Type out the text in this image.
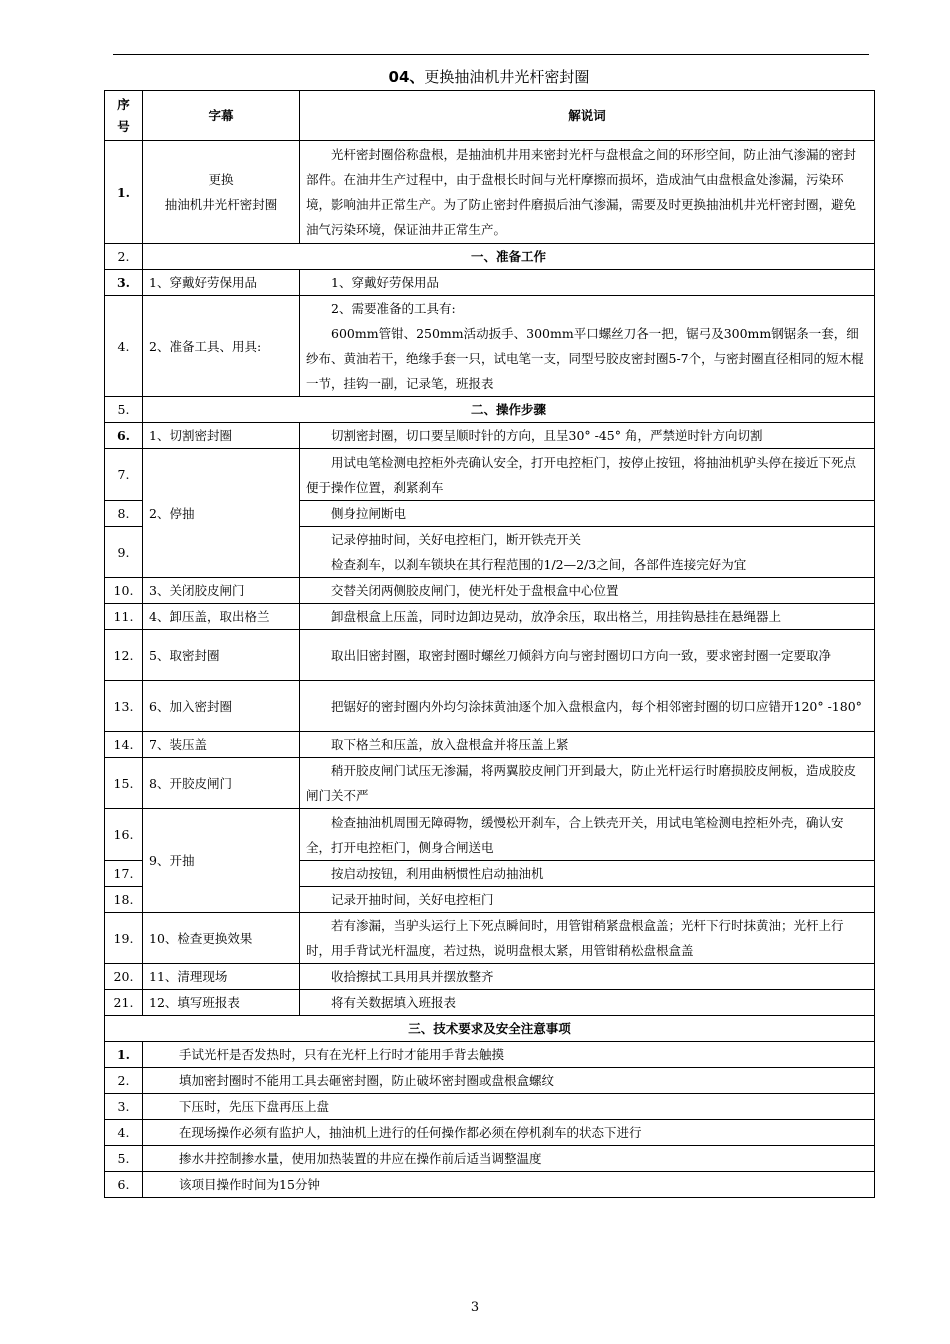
04、更换抽油机井光杆密封圈
序
号	字幕	解说词
1.	更换
抽油机井光杆密封圈	光杆密封圈俗称盘根，是抽油机井用来密封光杆与盘根盒之间的环形空间，防止油气渗漏的密封部件。在油井生产过程中，由于盘根长时间与光杆摩擦而损坏，造成油气由盘根盒处渗漏，污染环境，影响油井正常生产。为了防止密封件磨损后油气渗漏，需要及时更换抽油机井光杆密封圈，避免油气污染环境，保证油井正常生产。

2.	一、准备工作	
3.	1、穿戴好劳保用品	1、穿戴好劳保用品

4.	2、准备工具、用具:	2、需要准备的工具有:
600mm管钳、250mm活动扳手、300mm平口螺丝刀各一把，锯弓及300mm钢锯条一套，细纱布、黄油若干，绝缘手套一只，试电笔一支，同型号胶皮密封圈5-7个，与密封圈直径相同的短木棍一节，挂钩一副，记录笔，班报表

5.	二、操作步骤	
6.	1、切割密封圈	切割密封圈，切口要呈顺时针的方向，且呈30° -45° 角，严禁逆时针方向切割

7.	2、停抽	用试电笔检测电控柜外壳确认安全，打开电控柜门，按停止按钮，将抽油机驴头停在接近下死点便于操作位置，刹紧刹车

8.		侧身拉闸断电

9.		记录停抽时间，关好电控柜门，断开铁壳开关
检查刹车，以刹车锁块在其行程范围的1/2—2/3之间，各部件连接完好为宜

10.	3、关闭胶皮闸门	交替关闭两侧胶皮闸门，使光杆处于盘根盒中心位置

11.	4、卸压盖，取出格兰	卸盘根盒上压盖，同时边卸边晃动，放净余压，取出格兰，用挂钩悬挂在悬绳器上

12.	5、取密封圈	取出旧密封圈，取密封圈时螺丝刀倾斜方向与密封圈切口方向一致，要求密封圈一定要取净

13.	6、加入密封圈	把锯好的密封圈内外均匀涂抹黄油逐个加入盘根盒内，每个相邻密封圈的切口应错开120° -180°

14.	7、装压盖	取下格兰和压盖，放入盘根盒并将压盖上紧

15.	8、开胶皮闸门	稍开胶皮闸门试压无渗漏，将两翼胶皮闸门开到最大，防止光杆运行时磨损胶皮闸板，造成胶皮闸门关不严

16.	9、开抽	检查抽油机周围无障碍物，缓慢松开刹车，合上铁壳开关，用试电笔检测电控柜外壳，确认安全，打开电控柜门，侧身合闸送电

17.		按启动按钮，利用曲柄惯性启动抽油机

18.		记录开抽时间，关好电控柜门

19.	10、检查更换效果	若有渗漏，当驴头运行上下死点瞬间时，用管钳稍紧盘根盒盖；光杆下行时抹黄油；光杆上行时，用手背试光杆温度，若过热，说明盘根太紧，用管钳稍松盘根盒盖

20.	11、清理现场	收拾擦拭工具用具并摆放整齐

21.	12、填写班报表	将有关数据填入班报表

三、技术要求及安全注意事项		
1.	手试光杆是否发热时，只有在光杆上行时才能用手背去触摸	
2.	填加密封圈时不能用工具去砸密封圈，防止破坏密封圈或盘根盒螺纹	
3.	下压时，先压下盘再压上盘	
4.	在现场操作必须有监护人，抽油机上进行的任何操作都必须在停机刹车的状态下进行	
5.	掺水井控制掺水量，使用加热装置的井应在操作前后适当调整温度	
6.	该项目操作时间为15分钟	
3
